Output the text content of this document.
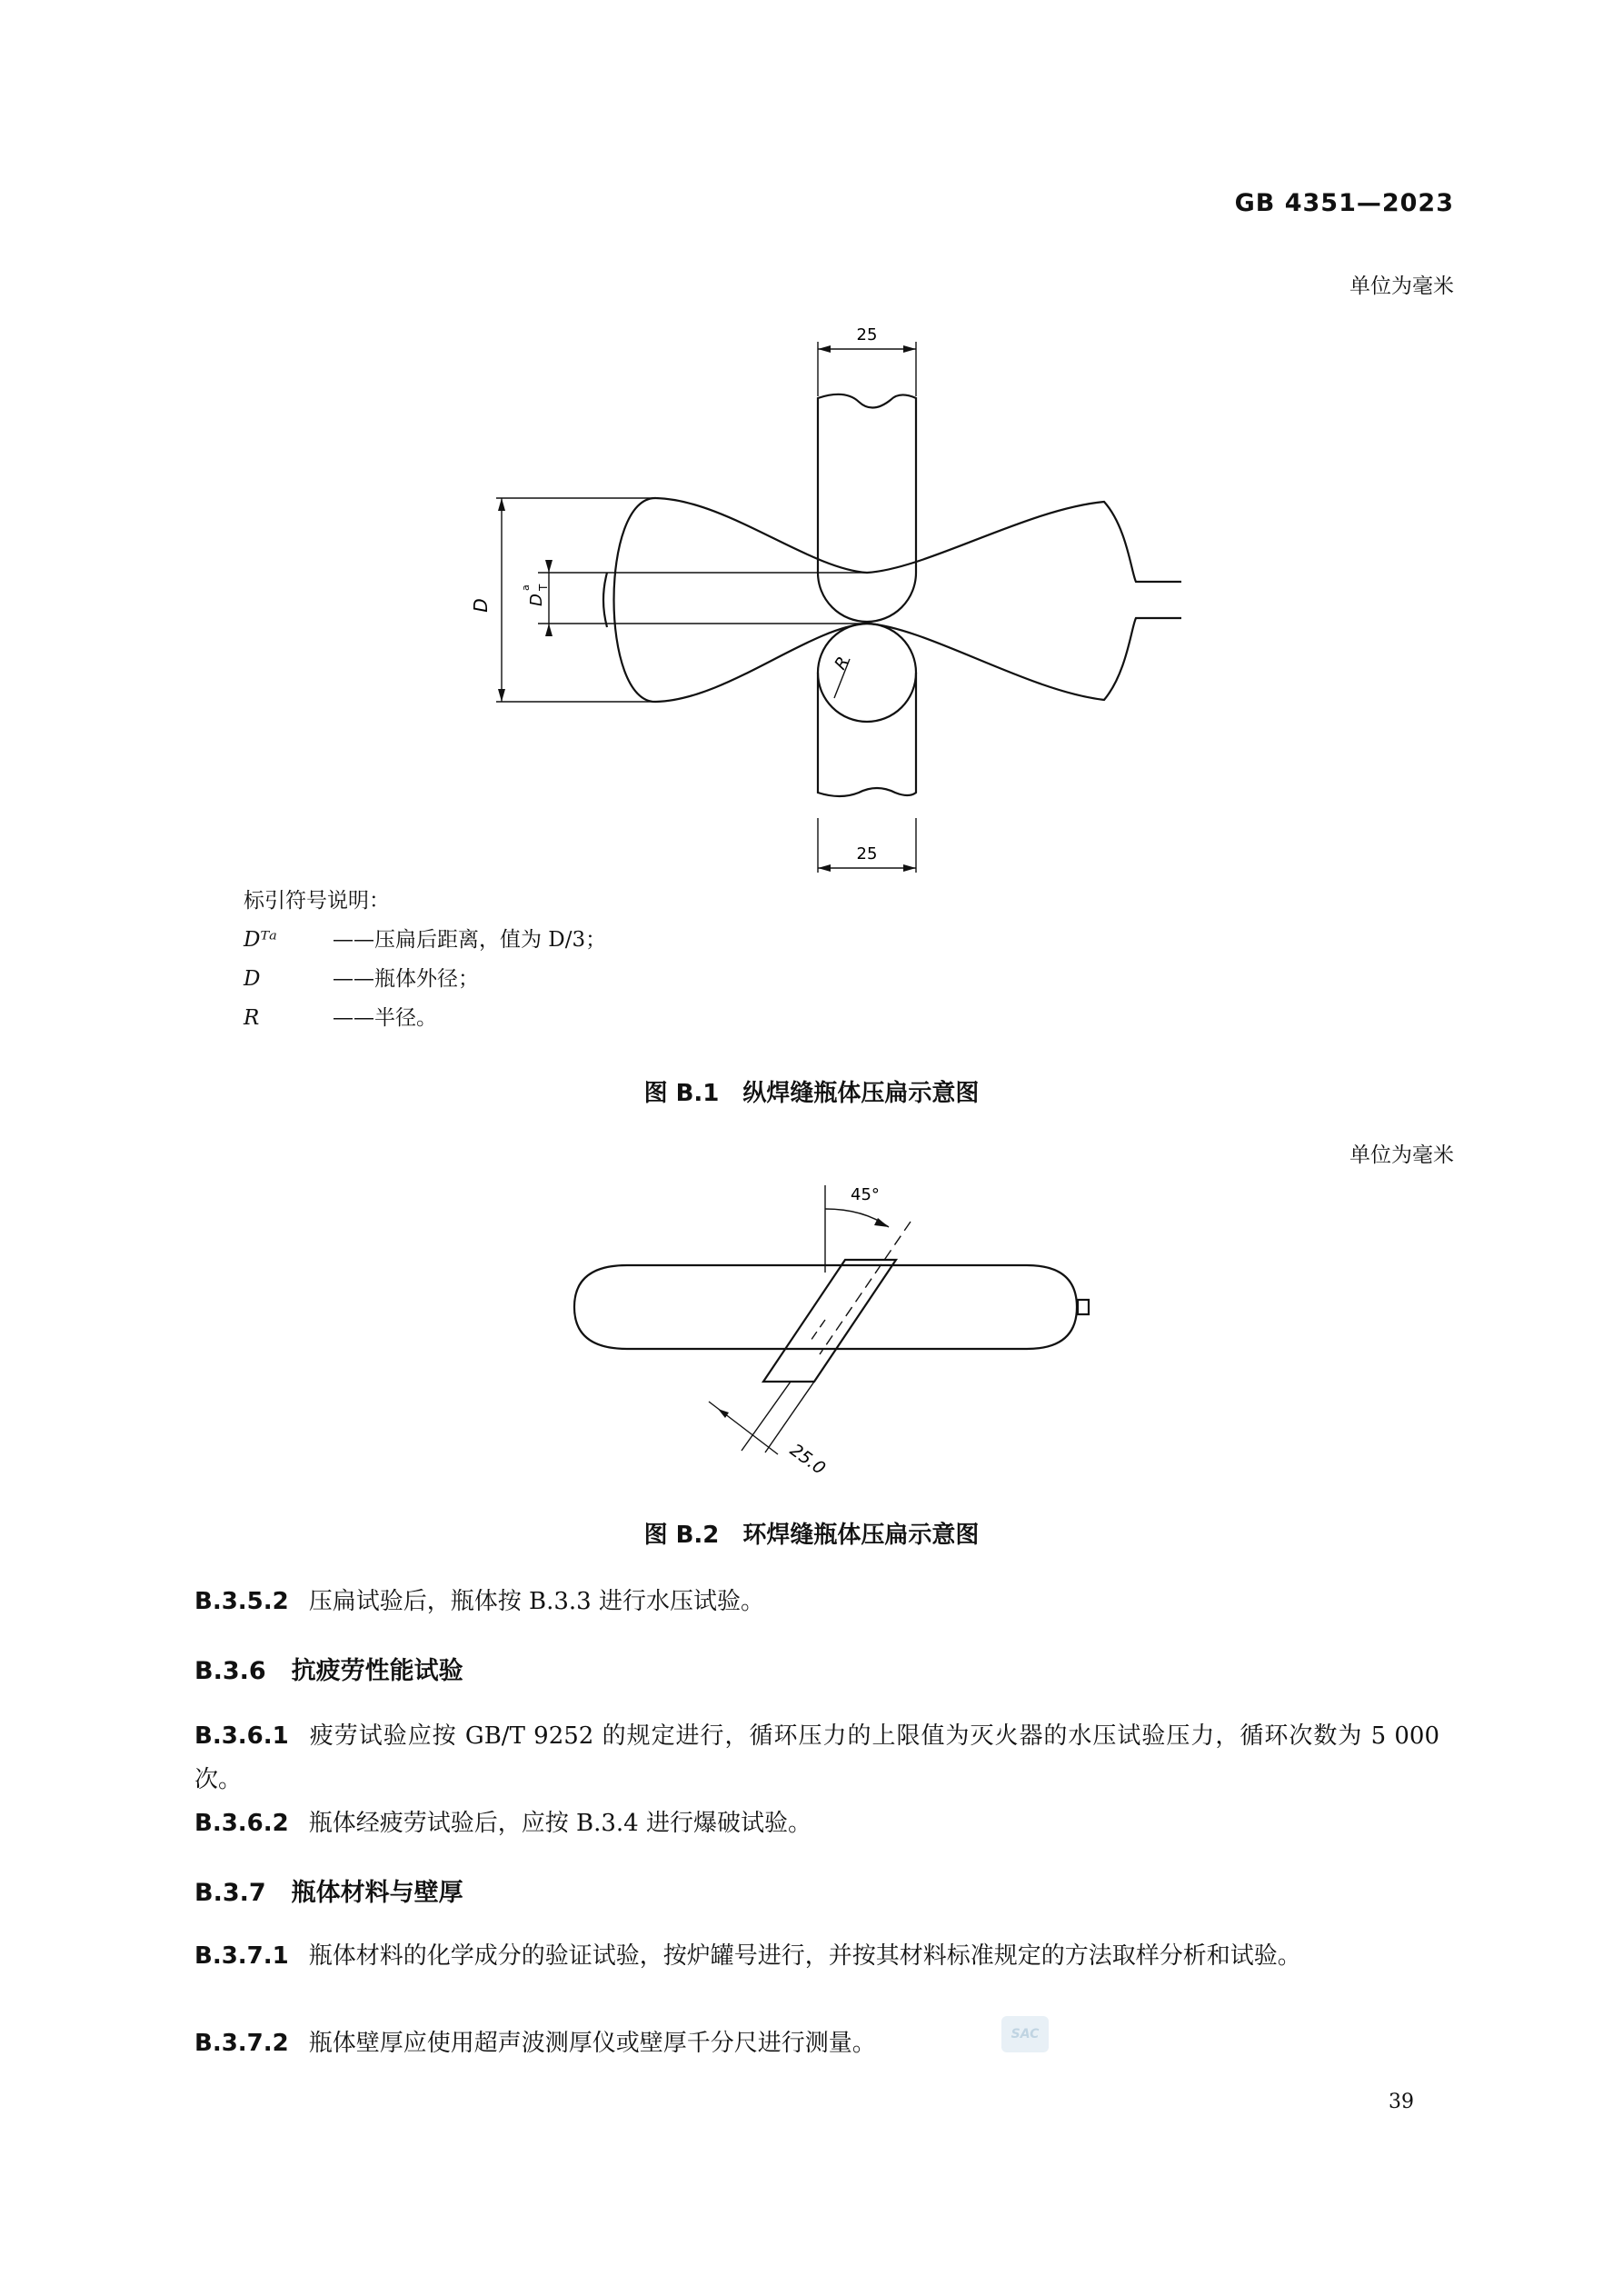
GB 4351—2023
单位为毫米
25
25
D D
T
a
R
标引符号说明：
Dᵀᵃ	——压扁后距离，值为 D/3；
D	——瓶体外径；
R	——半径。
图 B.1 纵焊缝瓶体压扁示意图
单位为毫米
45°
25.0
图 B.2 环焊缝瓶体压扁示意图
B.3.5.2 压扁试验后，瓶体按 B.3.3 进行水压试验。
B.3.6 抗疲劳性能试验
B.3.6.1 疲劳试验应按 GB/T 9252 的规定进行，循环压力的上限值为灭火器的水压试验压力，循环次数为 5 000 次。
B.3.6.2 瓶体经疲劳试验后，应按 B.3.4 进行爆破试验。
B.3.7 瓶体材料与壁厚
B.3.7.1 瓶体材料的化学成分的验证试验，按炉罐号进行，并按其材料标准规定的方法取样分析和试验。
B.3.7.2 瓶体壁厚应使用超声波测厚仪或壁厚千分尺进行测量。	SAC
39
